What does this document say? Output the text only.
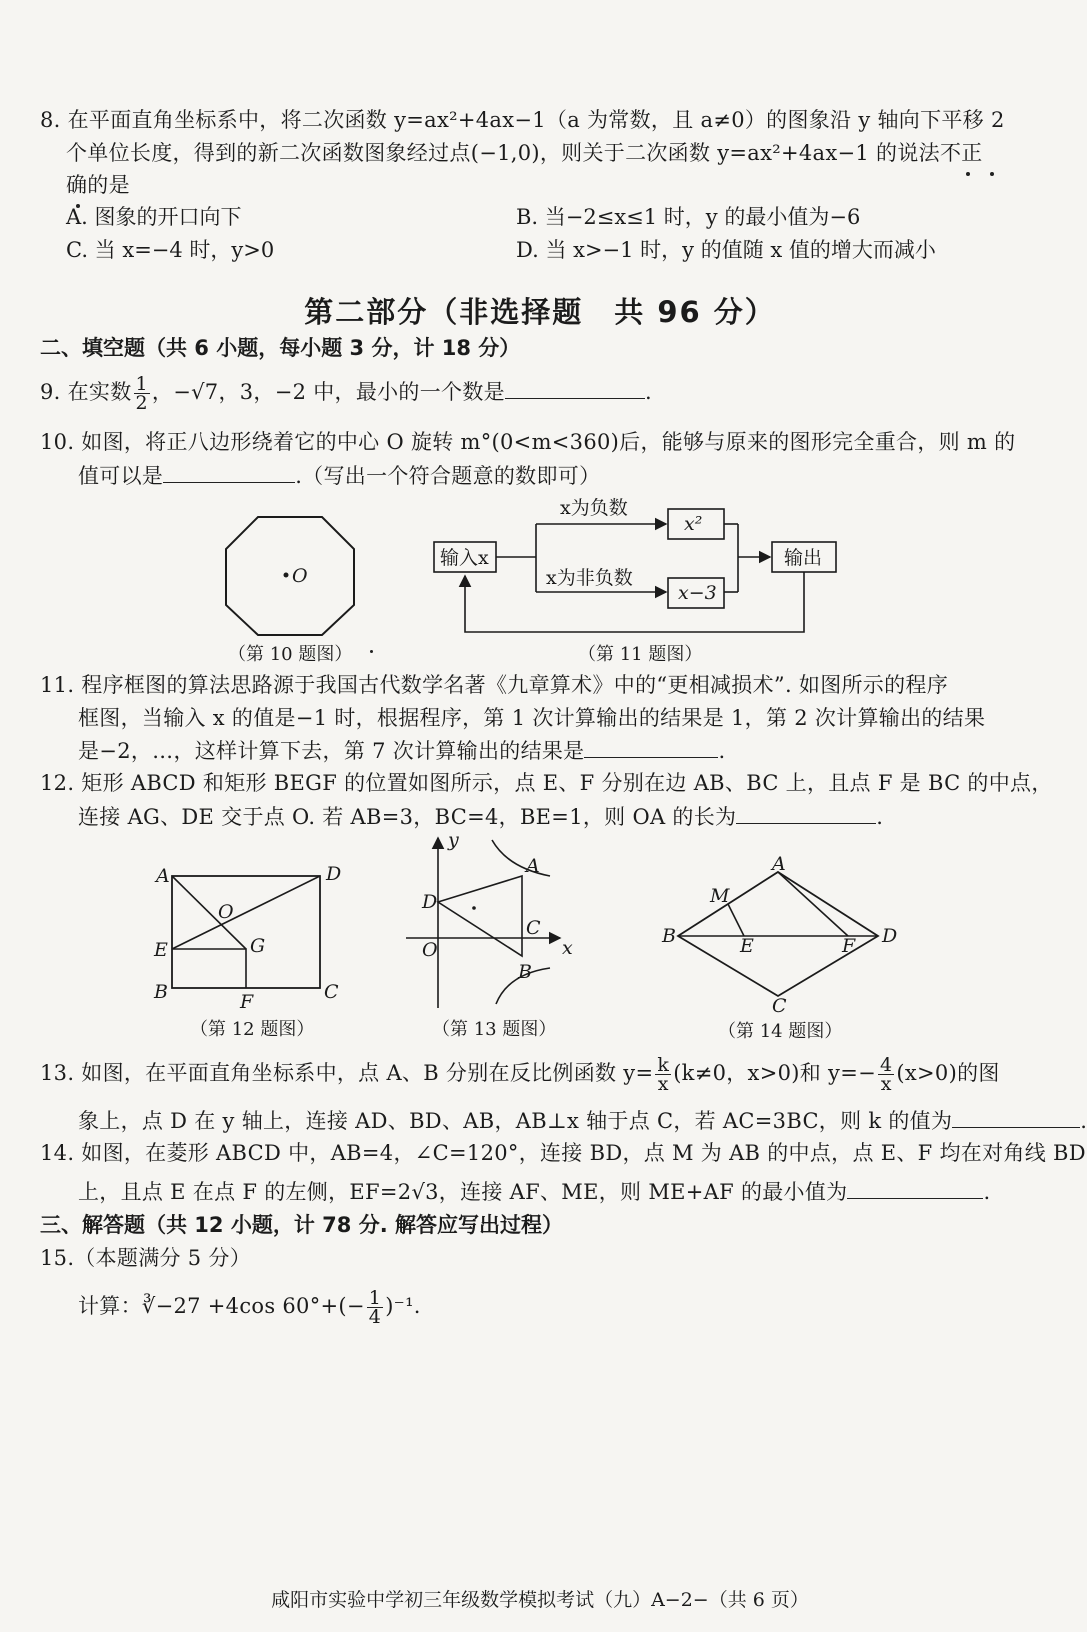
8. 在平面直角坐标系中，将二次函数 y=ax²+4ax−1（a 为常数，且 a≠0）的图象沿 y 轴向下平移 2
个单位长度，得到的新二次函数图象经过点(−1,0)，则关于二次函数 y=ax²+4ax−1 的说法不正
确的是
A. 图象的开口向下	B. 当−2≤x≤1 时，y 的最小值为−6
C. 当 x=−4 时，y>0	D. 当 x>−1 时，y 的值随 x 值的增大而减小
第二部分（非选择题　共 96 分）
二、填空题（共 6 小题，每小题 3 分，计 18 分）
9. 在实数 $\frac{1}{2}$ ，−√7，3，−2 中，最小的一个数是	.
10. 如图，将正八边形绕着它的中心 O 旋转 m°(0<m<360)后，能够与原来的图形完全重合，则 m 的
值可以是	.（写出一个符合题意的数即可）
O
（第 10 题图）
输入x
x为负数
x为非负数
x²
x−3
输出
（第 11 题图）
11. 程序框图的算法思路源于我国古代数学名著《九章算术》中的“更相减损术”. 如图所示的程序
框图，当输入 x 的值是−1 时，根据程序，第 1 次计算输出的结果是 1，第 2 次计算输出的结果
是−2，…，这样计算下去，第 7 次计算输出的结果是	.
12. 矩形 ABCD 和矩形 BEGF 的位置如图所示，点 E、F 分别在边 AB、BC 上，且点 F 是 BC 的中点，
连接 AG、DE 交于点 O. 若 AB=3，BC=4，BE=1，则 OA 的长为	.
A	D
O
E	G
B	F	C
（第 12 题图）
y
A
D
C
O	x
B
（第 13 题图）
A
M
B	E	F D
C
（第 14 题图）
13. 如图，在平面直角坐标系中，点 A、B 分别在反比例函数 $y= \frac{k}{x} (k\ne 0$，x>0)和 $y=- \frac{4}{x} (x>0)$的图
象上，点 D 在 y 轴上，连接 AD、BD、AB，AB⊥x 轴于点 C，若 AC=3BC，则 k 的值为	.
14. 如图，在菱形 ABCD 中，AB=4，∠C=120°，连接 BD，点 M 为 AB 的中点，点 E、F 均在对角线 BD
上，且点 E 在点 F 的左侧，EF=2√3，连接 AF、ME，则 ME+AF 的最小值为	.
三、解答题（共 12 小题，计 78 分. 解答应写出过程）
15.（本题满分 5 分）
计算：∛−27 +4cos $60^\circ+(- \frac{1}{4} )^{-1}$.
咸阳市实验中学初三年级数学模拟考试（九）A−2−（共 6 页）
